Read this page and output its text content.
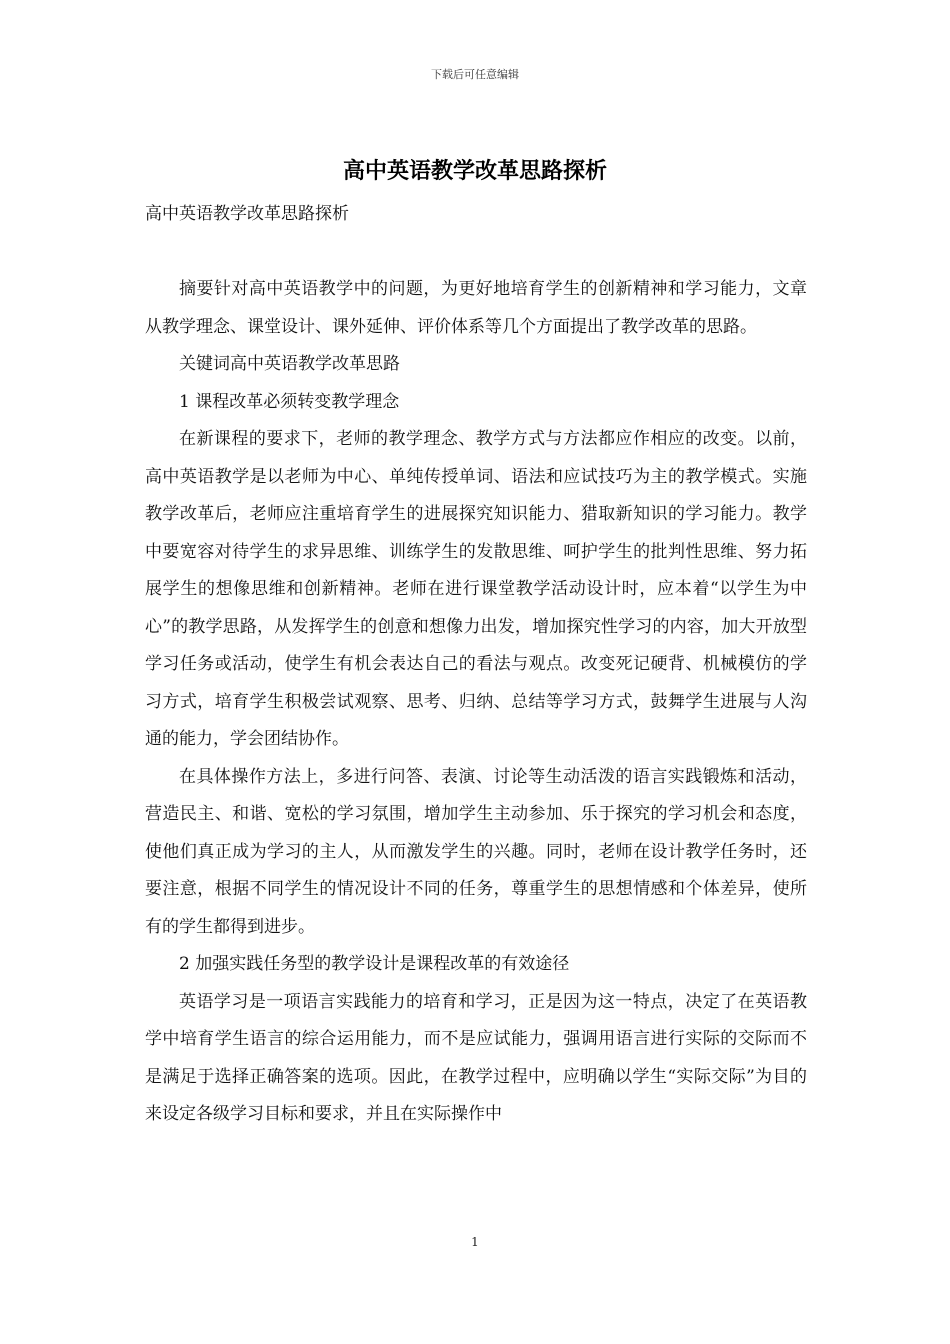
下载后可任意编辑
高中英语教学改革思路探析

高中英语教学改革思路探析

摘要针对高中英语教学中的问题，为更好地培育学生的创新精神和学习能力，文章从教学理念、课堂设计、课外延伸、评价体系等几个方面提出了教学改革的思路。

关键词高中英语教学改革思路

1 课程改革必须转变教学理念

在新课程的要求下，老师的教学理念、教学方式与方法都应作相应的改变。以前，高中英语教学是以老师为中心、单纯传授单词、语法和应试技巧为主的教学模式。实施教学改革后，老师应注重培育学生的进展探究知识能力、猎取新知识的学习能力。教学中要宽容对待学生的求异思维、训练学生的发散思维、呵护学生的批判性思维、努力拓展学生的想像思维和创新精神。老师在进行课堂教学活动设计时，应本着“以学生为中心”的教学思路，从发挥学生的创意和想像力出发，增加探究性学习的内容，加大开放型学习任务或活动，使学生有机会表达自己的看法与观点。改变死记硬背、机械模仿的学习方式，培育学生积极尝试观察、思考、归纳、总结等学习方式，鼓舞学生进展与人沟通的能力，学会团结协作。

在具体操作方法上，多进行问答、表演、讨论等生动活泼的语言实践锻炼和活动，营造民主、和谐、宽松的学习氛围，增加学生主动参加、乐于探究的学习机会和态度，使他们真正成为学习的主人，从而激发学生的兴趣。同时，老师在设计教学任务时，还要注意，根据不同学生的情况设计不同的任务，尊重学生的思想情感和个体差异，使所有的学生都得到进步。

2 加强实践任务型的教学设计是课程改革的有效途径

英语学习是一项语言实践能力的培育和学习，正是因为这一特点，决定了在英语教学中培育学生语言的综合运用能力，而不是应试能力，强调用语言进行实际的交际而不是满足于选择正确答案的选项。因此，在教学过程中，应明确以学生“实际交际”为目的来设定各级学习目标和要求，并且在实际操作中

1
